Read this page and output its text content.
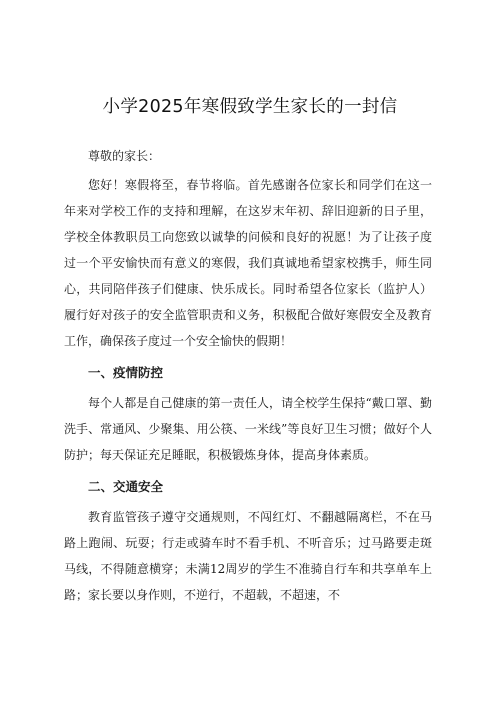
小学2025年寒假致学生家长的一封信

尊敬的家长：

您好！寒假将至，春节将临。首先感谢各位家长和同学们在这一年来对学校工作的支持和理解，在这岁末年初、辞旧迎新的日子里，学校全体教职员工向您致以诚挚的问候和良好的祝愿！为了让孩子度过一个平安愉快而有意义的寒假，我们真诚地希望家校携手，师生同心，共同陪伴孩子们健康、快乐成长。同时希望各位家长（监护人）履行好对孩子的安全监管职责和义务，积极配合做好寒假安全及教育工作，确保孩子度过一个安全愉快的假期！

一、疫情防控

每个人都是自己健康的第一责任人，请全校学生保持“戴口罩、勤洗手、常通风、少聚集、用公筷、一米线”等良好卫生习惯；做好个人防护；每天保证充足睡眠，积极锻炼身体，提高身体素质。

二、交通安全

教育监管孩子遵守交通规则，不闯红灯、不翻越隔离栏，不在马路上跑闹、玩耍；行走或骑车时不看手机、不听音乐；过马路要走斑马线，不得随意横穿；未满12周岁的学生不准骑自行车和共享单车上路；家长要以身作则，不逆行，不超载，不超速，不
